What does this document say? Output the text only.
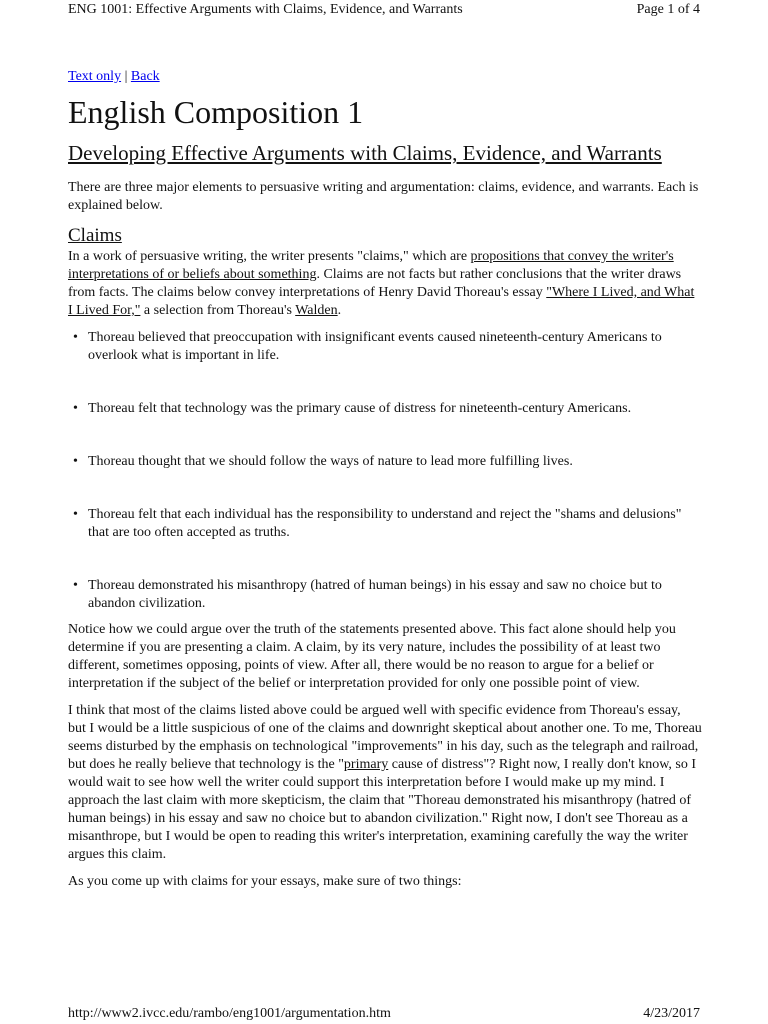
ENG 1001: Effective Arguments with Claims, Evidence, and Warrants	Page 1 of 4
Text only | Back
English Composition 1
Developing Effective Arguments with Claims, Evidence, and Warrants

There are three major elements to persuasive writing and argumentation: claims, evidence, and warrants. Each is explained below.

Claims

In a work of persuasive writing, the writer presents "claims," which are propositions that convey the writer's interpretations of or beliefs about something. Claims are not facts but rather conclusions that the writer draws from facts. The claims below convey interpretations of Henry David Thoreau's essay "Where I Lived, and What I Lived For," a selection from Thoreau's Walden.

• Thoreau believed that preoccupation with insignificant events caused nineteenth-century Americans to overlook what is important in life.
• Thoreau felt that technology was the primary cause of distress for nineteenth-century Americans.
• Thoreau thought that we should follow the ways of nature to lead more fulfilling lives.
• Thoreau felt that each individual has the responsibility to understand and reject the "shams and delusions" that are too often accepted as truths.
• Thoreau demonstrated his misanthropy (hatred of human beings) in his essay and saw no choice but to abandon civilization.

Notice how we could argue over the truth of the statements presented above. This fact alone should help you determine if you are presenting a claim. A claim, by its very nature, includes the possibility of at least two different, sometimes opposing, points of view. After all, there would be no reason to argue for a belief or interpretation if the subject of the belief or interpretation provided for only one possible point of view.

I think that most of the claims listed above could be argued well with specific evidence from Thoreau's essay, but I would be a little suspicious of one of the claims and downright skeptical about another one. To me, Thoreau seems disturbed by the emphasis on technological "improvements" in his day, such as the telegraph and railroad, but does he really believe that technology is the "primary cause of distress"? Right now, I really don't know, so I would wait to see how well the writer could support this interpretation before I would make up my mind. I approach the last claim with more skepticism, the claim that "Thoreau demonstrated his misanthropy (hatred of human beings) in his essay and saw no choice but to abandon civilization." Right now, I don't see Thoreau as a misanthrope, but I would be open to reading this writer's interpretation, examining carefully the way the writer argues this claim.

As you come up with claims for your essays, make sure of two things:

http://www2.ivcc.edu/rambo/eng1001/argumentation.htm	4/23/2017
